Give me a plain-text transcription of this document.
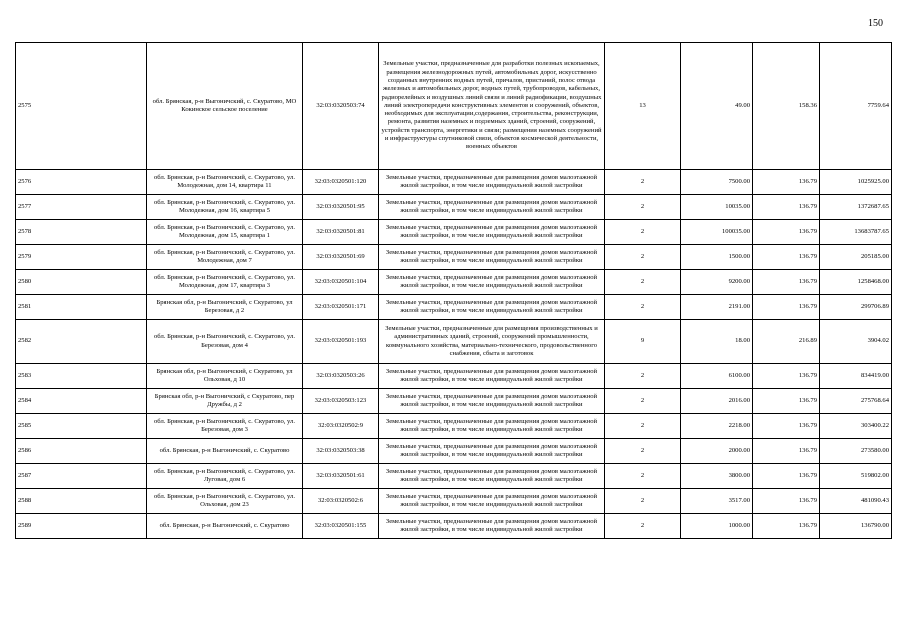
150
2575	обл. Брянская, р-н Выгоничский, с. Скуратово, МО Кокинское сельское поселение	32:03:0320503:74	Земельные участки, предназначенные для разработки полезных ископаемых, размещения железнодорожных путей, автомобильных дорог, искусственно созданных внутренних водных путей, причалов, пристаний, полос отвода железных и автомобильных дорог, водных путей, трубопроводов, кабельных, радиорелейных и воздушных линий связи и линий радиофикации, воздушных линий электропередачи конструктивных элементов и сооружений, объектов, необходимых для эксплуатации,содержания, строительства, реконструкции, ремонта, развития наземных и подземных зданий, строений, сооружений, устройств транспорта, энергетики и связи; размещения наземных сооружений и инфраструктуры спутниковой связи, объектов космической деятельности, военных объектов	13	49.00	158.36	7759.64
2576	обл. Брянская, р-н Выгоничский, с. Скуратово, ул. Молодежная, дом 14, квартира 11	32:03:0320501:120	Земельные участки, предназначенные для размещения домов малоэтажной жилой застройки, в том числе индивидуальной жилой застройки	2	7500.00	136.79	1025925.00
2577	обл. Брянская, р-н Выгоничский, с. Скуратово, ул. Молодежная, дом 16, квартира 5	32:03:0320501:95	Земельные участки, предназначенные для размещения домов малоэтажной жилой застройки, в том числе индивидуальной жилой застройки	2	10035.00	136.79	1372687.65
2578	обл. Брянская, р-н Выгоничский, с. Скуратово, ул. Молодежная, дом 15, квартира 1	32:03:0320501:81	Земельные участки, предназначенные для размещения домов малоэтажной жилой застройки, в том числе индивидуальной жилой застройки	2	100035.00	136.79	13683787.65
2579	обл. Брянская, р-н Выгоничский, с. Скуратово, ул. Молодежная, дом 7	32:03:0320501:69	Земельные участки, предназначенные для размещения домов малоэтажной жилой застройки, в том числе индивидуальной жилой застройки	2	1500.00	136.79	205185.00
2580	обл. Брянская, р-н Выгоничский, с. Скуратово, ул. Молодежная, дом 17, квартира 3	32:03:0320501:104	Земельные участки, предназначенные для размещения домов малоэтажной жилой застройки, в том числе индивидуальной жилой застройки	2	9200.00	136.79	1258468.00
2581	Брянская обл, р-н Выгоничский, с Скуратово, ул Березовая, д 2	32:03:0320501:171	Земельные участки, предназначенные для размещения домов малоэтажной жилой застройки, в том числе индивидуальной жилой застройки	2	2191.00	136.79	299706.89
2582	обл. Брянская, р-н Выгоничский, с. Скуратово, ул. Березовая, дом 4	32:03:0320501:193	Земельные участки, предназначенные для размещения производственных и административных зданий, строений, сооружений промышленности, коммунального хозяйства, материально-технического, продовольственного снабжения, сбыта и заготовок	9	18.00	216.89	3904.02
2583	Брянская обл, р-н Выгоничский, с Скуратово, ул Ольховая, д 10	32:03:0320503:26	Земельные участки, предназначенные для размещения домов малоэтажной жилой застройки, в том числе индивидуальной жилой застройки	2	6100.00	136.79	834419.00
2584	Брянская обл, р-н Выгоничский, с Скуратово, пер Дружбы, д 2	32:03:0320503:123	Земельные участки, предназначенные для размещения домов малоэтажной жилой застройки, в том числе индивидуальной жилой застройки	2	2016.00	136.79	275768.64
2585	обл. Брянская, р-н Выгоничский, с. Скуратово, ул. Березовая, дом 3	32:03:0320502:9	Земельные участки, предназначенные для размещения домов малоэтажной жилой застройки, в том числе индивидуальной жилой застройки	2	2218.00	136.79	303400.22
2586	обл. Брянская, р-н Выгоничский, с. Скуратово	32:03:0320503:38	Земельные участки, предназначенные для размещения домов малоэтажной жилой застройки, в том числе индивидуальной жилой застройки	2	2000.00	136.79	273580.00
2587	обл. Брянская, р-н Выгоничский, с. Скуратово, ул. Луговая, дом 6	32:03:0320501:61	Земельные участки, предназначенные для размещения домов малоэтажной жилой застройки, в том числе индивидуальной жилой застройки	2	3800.00	136.79	519802.00
2588	обл. Брянская, р-н Выгоничский, с. Скуратово, ул. Ольховая, дом 23	32:03:0320502:6	Земельные участки, предназначенные для размещения домов малоэтажной жилой застройки, в том числе индивидуальной жилой застройки	2	3517.00	136.79	481090.43
2589	обл. Брянская, р-н Выгоничский, с. Скуратово	32:03:0320501:155	Земельные участки, предназначенные для размещения домов малоэтажной жилой застройки, в том числе индивидуальной жилой застройки	2	1000.00	136.79	136790.00
